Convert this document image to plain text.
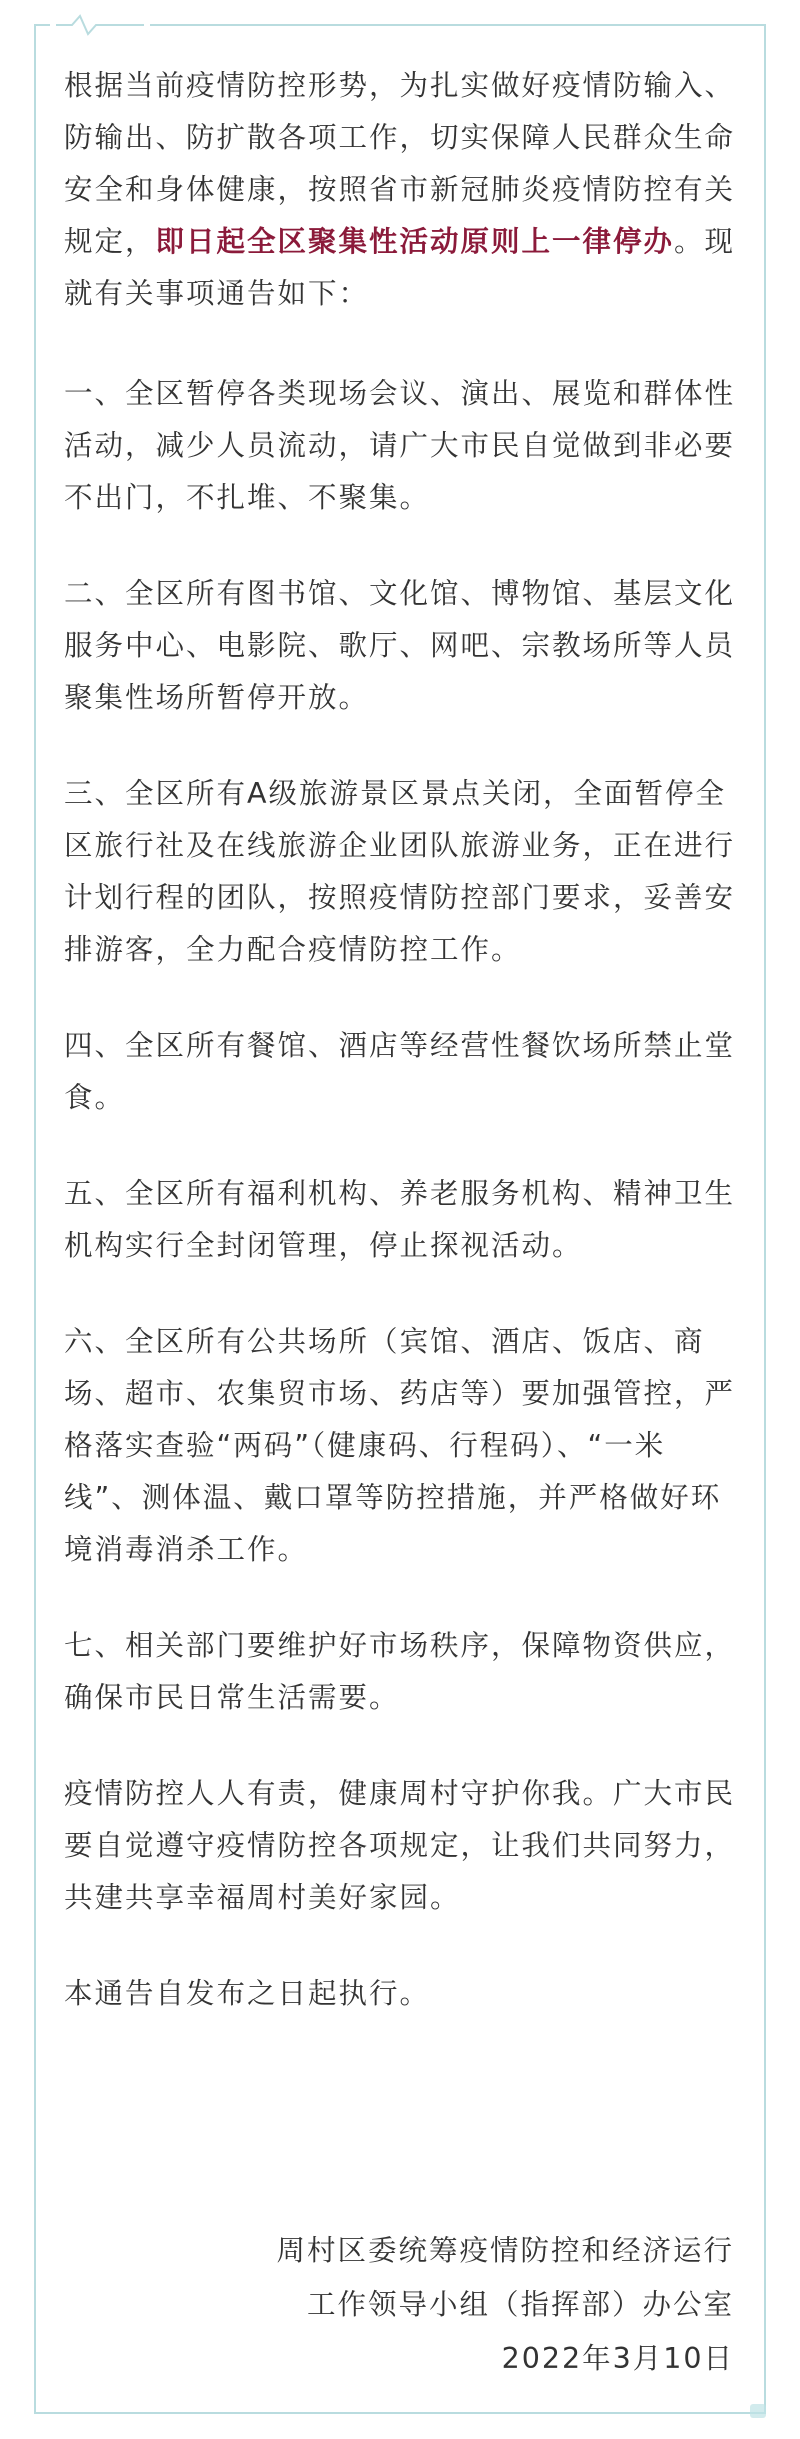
根据当前疫情防控形势，为扎实做好疫情防输入、防输出、防扩散各项工作，切实保障人民群众生命安全和身体健康，按照省市新冠肺炎疫情防控有关规定，即日起全区聚集性活动原则上一律停办。现就有关事项通告如下：

一、全区暂停各类现场会议、演出、展览和群体性活动，减少人员流动，请广大市民自觉做到非必要不出门，不扎堆、不聚集。

二、全区所有图书馆、文化馆、博物馆、基层文化服务中心、电影院、歌厅、网吧、宗教场所等人员聚集性场所暂停开放。

三、全区所有A级旅游景区景点关闭，全面暂停全区旅行社及在线旅游企业团队旅游业务，正在进行计划行程的团队，按照疫情防控部门要求，妥善安排游客，全力配合疫情防控工作。

四、全区所有餐馆、酒店等经营性餐饮场所禁止堂食。

五、全区所有福利机构、养老服务机构、精神卫生机构实行全封闭管理，停止探视活动。

六、全区所有公共场所（宾馆、酒店、饭店、商场、超市、农集贸市场、药店等）要加强管控，严格落实查验“两码”（健康码、行程码）、“一米线”、测体温、戴口罩等防控措施，并严格做好环境消毒消杀工作。

七、相关部门要维护好市场秩序，保障物资供应，确保市民日常生活需要。

疫情防控人人有责，健康周村守护你我。广大市民要自觉遵守疫情防控各项规定，让我们共同努力，共建共享幸福周村美好家园。

本通告自发布之日起执行。

周村区委统筹疫情防控和经济运行
工作领导小组（指挥部）办公室
2022年3月10日
